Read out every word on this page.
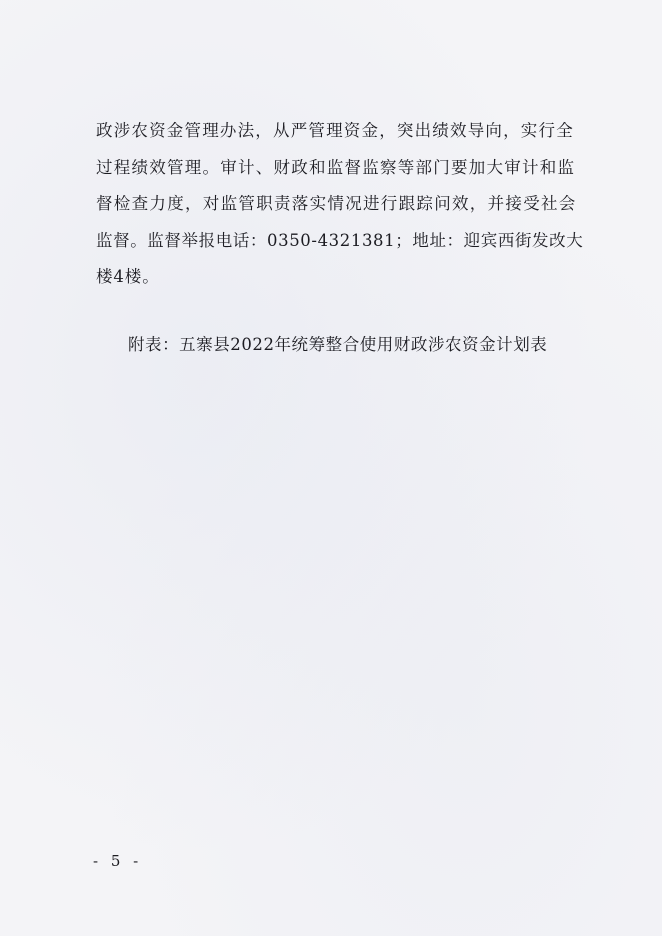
政涉农资金管理办法，从严管理资金，突出绩效导向，实行全
过程绩效管理。审计、财政和监督监察等部门要加大审计和监
督检查力度，对监管职责落实情况进行跟踪问效，并接受社会
监督。监督举报电话：0350-4321381；地址：迎宾西街发改大
楼4楼。

附表：五寨县2022年统筹整合使用财政涉农资金计划表
- 5 -
